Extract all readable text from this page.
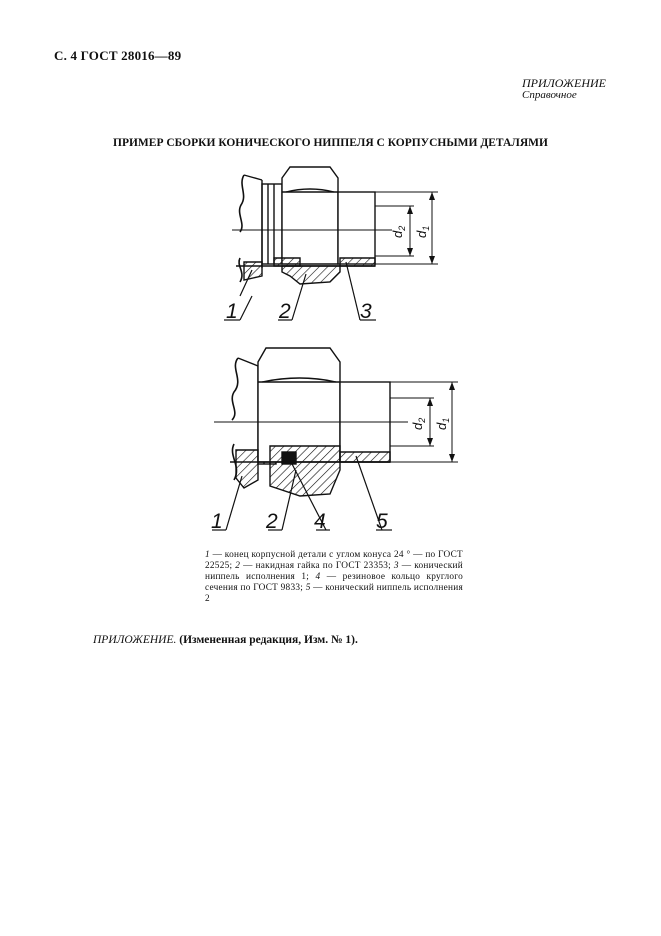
С. 4 ГОСТ 28016—89
ПРИЛОЖЕНИЕ
Справочное
ПРИМЕР СБОРКИ КОНИЧЕСКОГО НИППЕЛЯ С КОРПУСНЫМИ ДЕТАЛЯМИ
1 2	3
$d_2$
$d_1$
1 2 4 5
$d_2$
$d_1$
1 — конец корпусной детали с углом конуса 24 ° — по ГОСТ 22525; 2 — накидная гайка по ГОСТ 23353; 3 — конический ниппель исполнения 1; 4 — резиновое кольцо круглого сечения по ГОСТ 9833; 5 — конический ниппель исполнения 2
ПРИЛОЖЕНИЕ. (Измененная редакция, Изм. № 1).
